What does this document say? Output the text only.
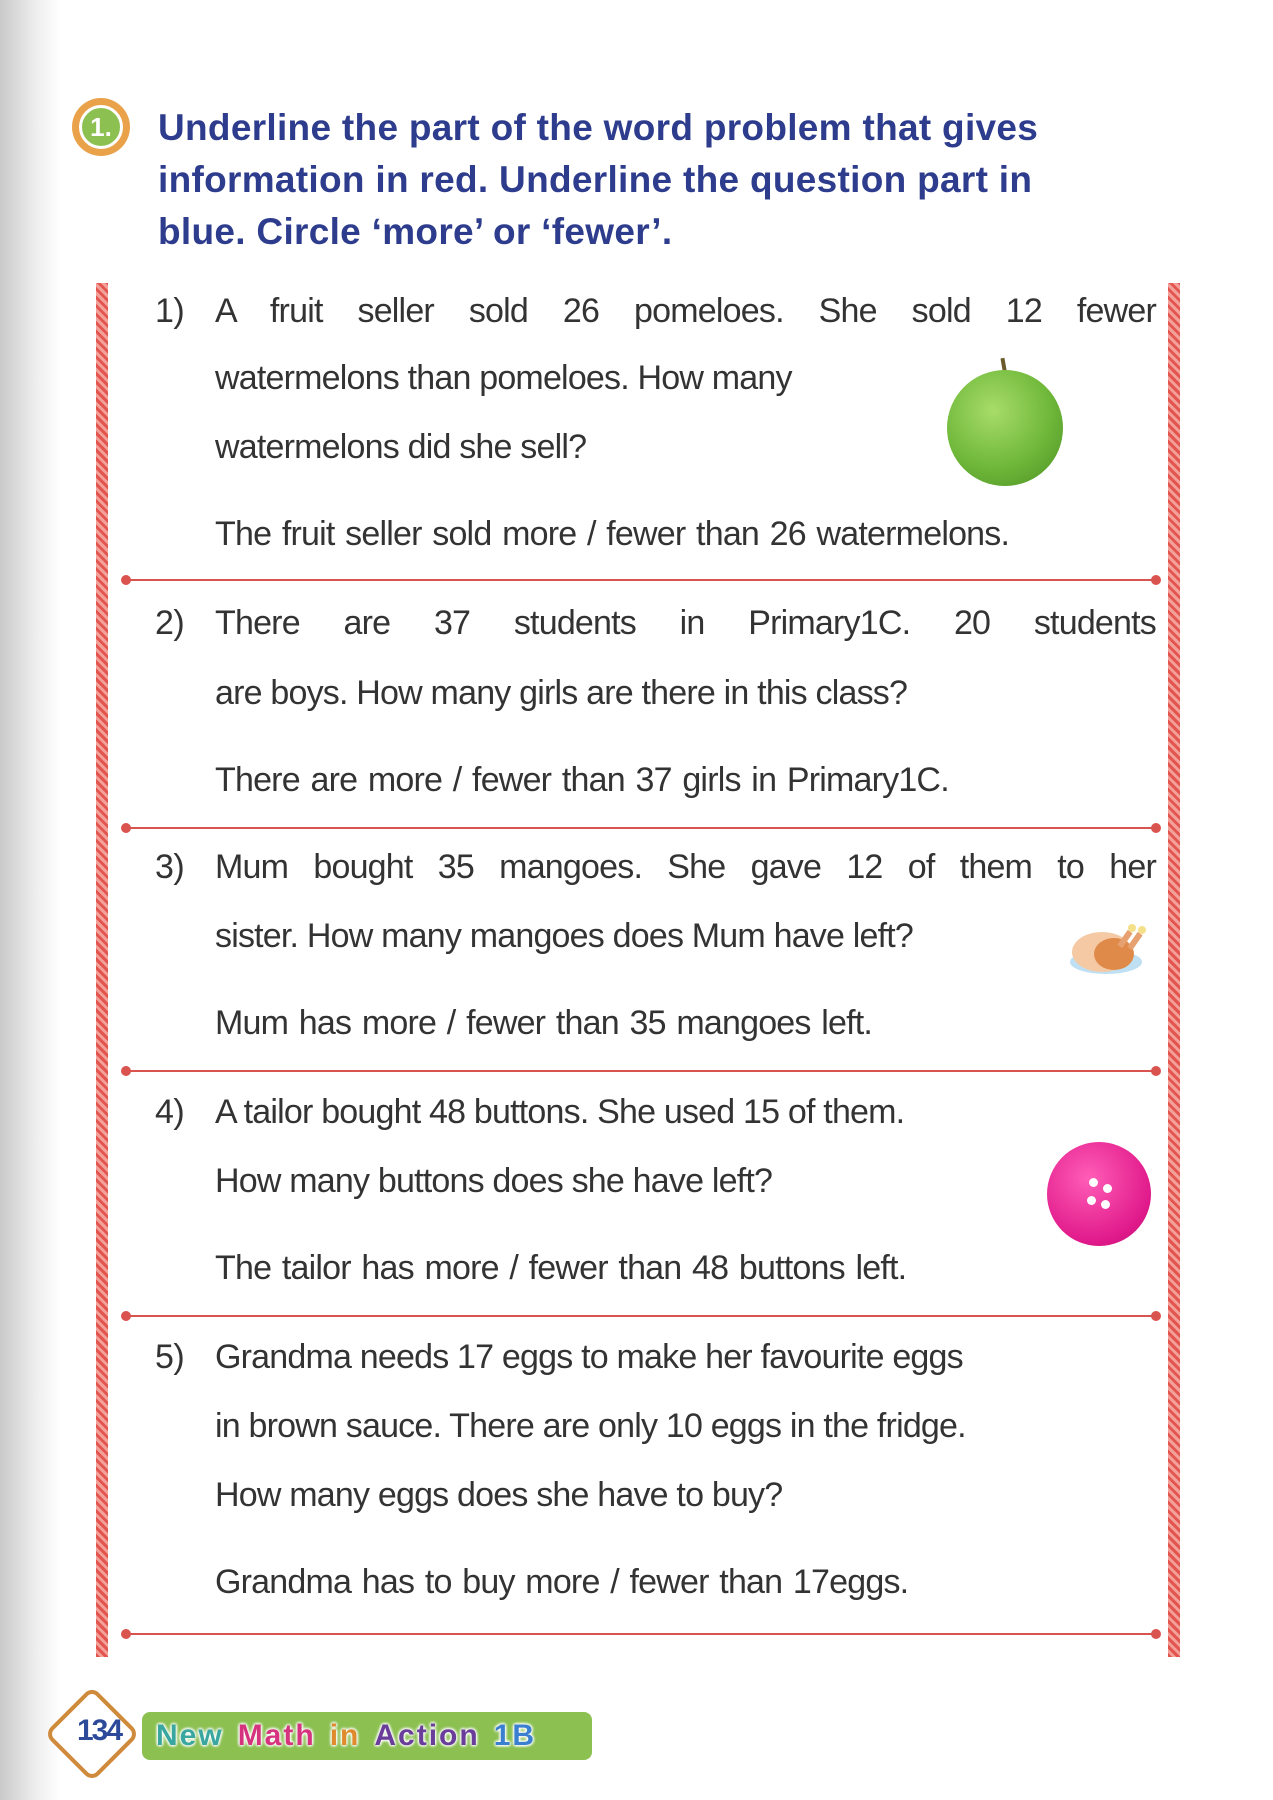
1.	Underline the part of the word problem that gives
information in red. Underline the question part in
blue. Circle ‘more’ or ‘fewer’.
1) A fruit seller sold 26 pomeloes. She sold 12 fewer
watermelons than pomeloes. How many
watermelons did she sell?
The fruit seller sold more / fewer than 26 watermelons.
2) There are 37 students in Primary1C. 20 students
are boys. How many girls are there in this class?
There are more / fewer than 37 girls in Primary1C.
3) Mum bought 35 mangoes. She gave 12 of them to her
sister. How many mangoes does Mum have left?
Mum has more / fewer than 35 mangoes left.
4) A tailor bought 48 buttons. She used 15 of them.
How many buttons does she have left?
The tailor has more / fewer than 48 buttons left.
5) Grandma needs 17 eggs to make her favourite eggs
in brown sauce. There are only 10 eggs in the fridge.
How many eggs does she have to buy?
Grandma has to buy more / fewer than 17eggs.
134	New Math in Action 1B
